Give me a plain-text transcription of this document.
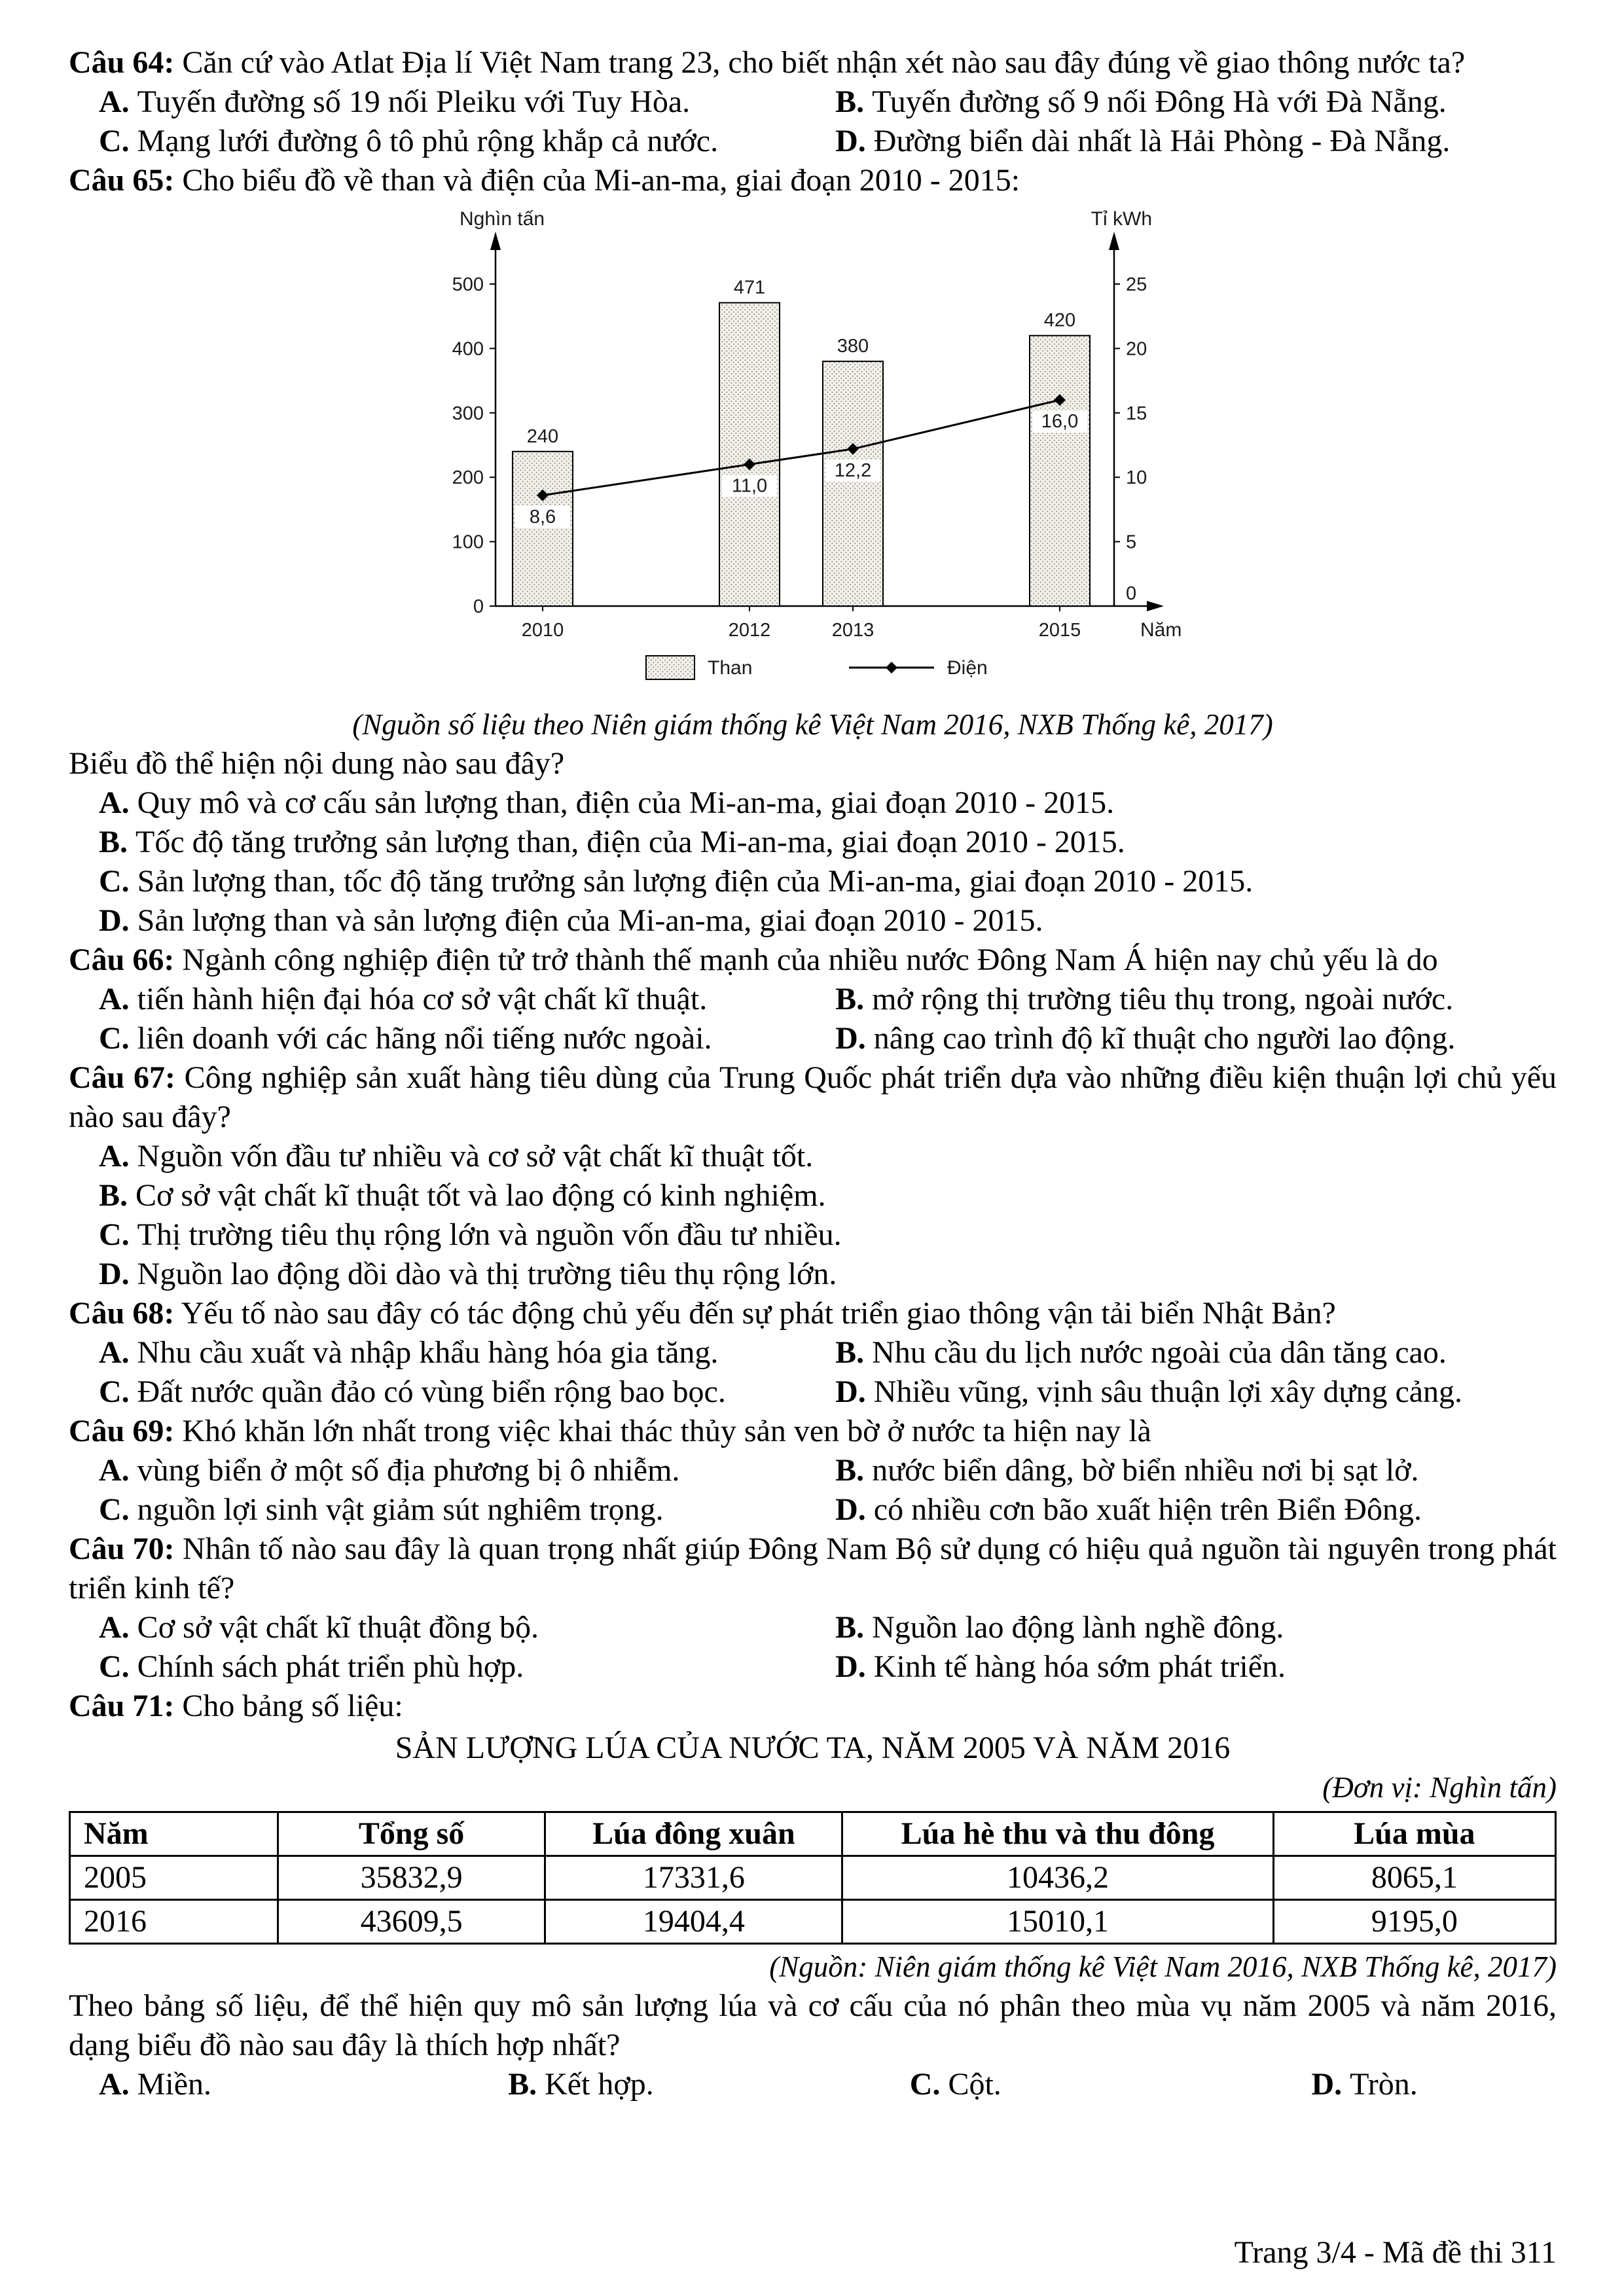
Câu 64: Căn cứ vào Atlat Địa lí Việt Nam trang 23, cho biết nhận xét nào sau đây đúng về giao thông nước ta?
A . Tuyến đường số 19 nối Pleiku với Tuy Hòa.	B . Tuyến đường số 9 nối Đông Hà với Đà Nẵng.
C . Mạng lưới đường ô tô phủ rộng khắp cả nước.	D . Đường biển dài nhất là Hải Phòng - Đà Nẵng.
Câu 65: Cho biểu đồ về than và điện của Mi-an-ma, giai đoạn 2010 - 2015:
Nghìn tấn	Tỉ kWh
Năm
0
100
200
300
400
500
0
5
10
15
20
25
240
2010
471
2012
380
2013
420
2015
8,6
11,0
12,2
16,0
Than	Điện
(Nguồn số liệu theo Niên giám thống kê Việt Nam 2016, NXB Thống kê, 2017)
Biểu đồ thể hiện nội dung nào sau đây?
A . Quy mô và cơ cấu sản lượng than, điện của Mi-an-ma, giai đoạn 2010 - 2015.
B . Tốc độ tăng trưởng sản lượng than, điện của Mi-an-ma, giai đoạn 2010 - 2015.
C . Sản lượng than, tốc độ tăng trưởng sản lượng điện của Mi-an-ma, giai đoạn 2010 - 2015.
D . Sản lượng than và sản lượng điện của Mi-an-ma, giai đoạn 2010 - 2015.
Câu 66: Ngành công nghiệp điện tử trở thành thế mạnh của nhiều nước Đông Nam Á hiện nay chủ yếu là do
A . tiến hành hiện đại hóa cơ sở vật chất kĩ thuật.	B . mở rộng thị trường tiêu thụ trong, ngoài nước.
C . liên doanh với các hãng nổi tiếng nước ngoài.	D . nâng cao trình độ kĩ thuật cho người lao động.
Câu 67: Công nghiệp sản xuất hàng tiêu dùng của Trung Quốc phát triển dựa vào những điều kiện thuận lợi chủ yếu nào sau đây?
A . Nguồn vốn đầu tư nhiều và cơ sở vật chất kĩ thuật tốt.
B . Cơ sở vật chất kĩ thuật tốt và lao động có kinh nghiệm.
C . Thị trường tiêu thụ rộng lớn và nguồn vốn đầu tư nhiều.
D . Nguồn lao động dồi dào và thị trường tiêu thụ rộng lớn.
Câu 68: Yếu tố nào sau đây có tác động chủ yếu đến sự phát triển giao thông vận tải biển Nhật Bản?
A . Nhu cầu xuất và nhập khẩu hàng hóa gia tăng.	B . Nhu cầu du lịch nước ngoài của dân tăng cao.
C . Đất nước quần đảo có vùng biển rộng bao bọc.	D . Nhiều vũng, vịnh sâu thuận lợi xây dựng cảng.
Câu 69: Khó khăn lớn nhất trong việc khai thác thủy sản ven bờ ở nước ta hiện nay là
A . vùng biển ở một số địa phương bị ô nhiễm.	B . nước biển dâng, bờ biển nhiều nơi bị sạt lở.
C . nguồn lợi sinh vật giảm sút nghiêm trọng.	D . có nhiều cơn bão xuất hiện trên Biển Đông.
Câu 70: Nhân tố nào sau đây là quan trọng nhất giúp Đông Nam Bộ sử dụng có hiệu quả nguồn tài nguyên trong phát triển kinh tế?
A . Cơ sở vật chất kĩ thuật đồng bộ.	B . Nguồn lao động lành nghề đông.
C . Chính sách phát triển phù hợp.	D . Kinh tế hàng hóa sớm phát triển.
Câu 71: Cho bảng số liệu:
SẢN LƯỢNG LÚA CỦA NƯỚC TA, NĂM 2005 VÀ NĂM 2016
(Đơn vị: Nghìn tấn)
Năm	Tổng số	Lúa đông xuân	Lúa hè thu và thu đông	Lúa mùa
2005	35832,9	17331,6	10436,2	8065,1
2016	43609,5	19404,4	15010,1	9195,0
(Nguồn: Niên giám thống kê Việt Nam 2016, NXB Thống kê, 2017)
Theo bảng số liệu, để thể hiện quy mô sản lượng lúa và cơ cấu của nó phân theo mùa vụ năm 2005 và năm 2016, dạng biểu đồ nào sau đây là thích hợp nhất?
A . Miền.	B . Kết hợp.	C . Cột.	D . Tròn.
Trang 3/4 - Mã đề thi 311
